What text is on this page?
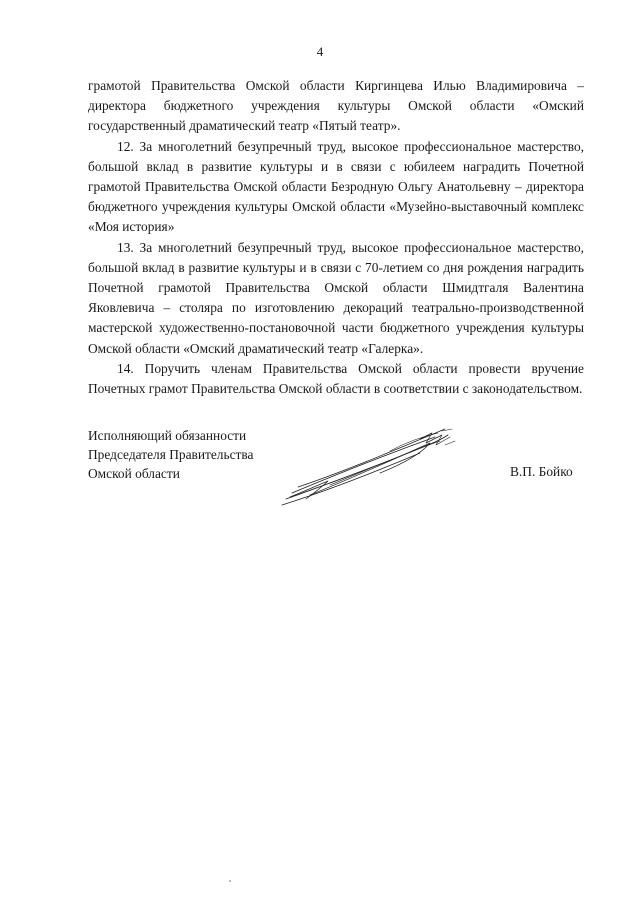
4

грамотой Правительства Омской области Киргинцева Илью Владимировича – директора бюджетного учреждения культуры Омской области «Омский государственный драматический театр «Пятый театр».

12. За многолетний безупречный труд, высокое профессиональное мастерство, большой вклад в развитие культуры и в связи с юбилеем наградить Почетной грамотой Правительства Омской области Безродную Ольгу Анатольевну – директора бюджетного учреждения культуры Омской области «Музейно-выставочный комплекс «Моя история»

13. За многолетний безупречный труд, высокое профессиональное мастерство, большой вклад в развитие культуры и в связи с 70-летием со дня рождения наградить Почетной грамотой Правительства Омской области Шмидтгаля Валентина Яковлевича – столяра по изготовлению декораций театрально-производственной мастерской художественно-постановочной части бюджетного учреждения культуры Омской области «Омский драматический театр «Галерка».

14. Поручить членам Правительства Омской области провести вручение Почетных грамот Правительства Омской области в соответствии с законодательством.

Исполняющий обязанности
Председателя Правительства
Омской области	В.П. Бойко
